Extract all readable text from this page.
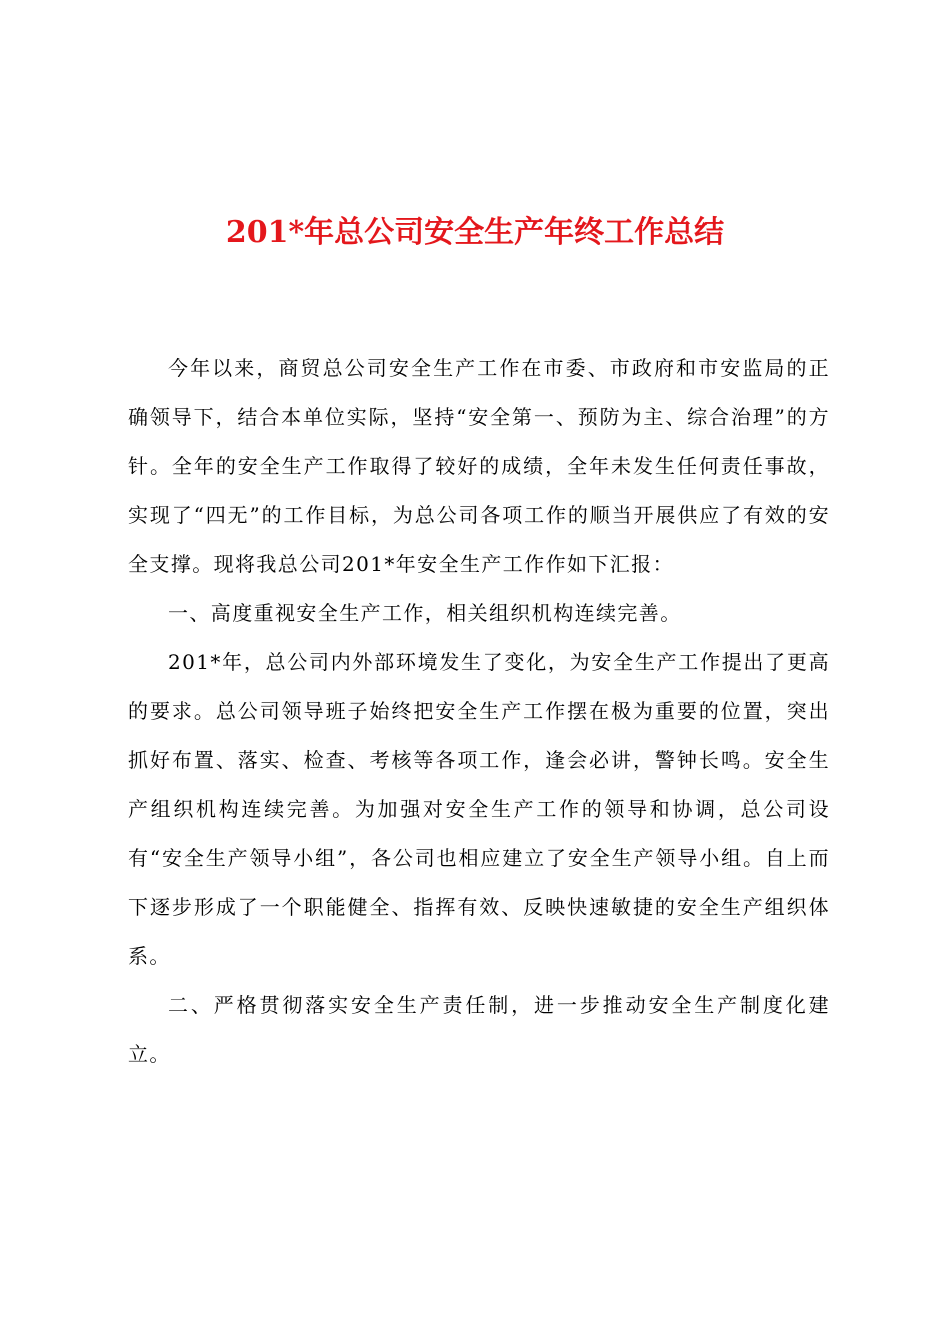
201*年总公司安全生产年终工作总结

今年以来，商贸总公司安全生产工作在市委、市政府和市安监局的正确领导下，结合本单位实际，坚持“安全第一、预防为主、综合治理”的方针。全年的安全生产工作取得了较好的成绩，全年未发生任何责任事故，实现了“四无”的工作目标，为总公司各项工作的顺当开展供应了有效的安全支撑。现将我总公司201*年安全生产工作作如下汇报：

一、高度重视安全生产工作，相关组织机构连续完善。

201*年，总公司内外部环境发生了变化，为安全生产工作提出了更高的要求。总公司领导班子始终把安全生产工作摆在极为重要的位置，突出抓好布置、落实、检查、考核等各项工作，逢会必讲，警钟长鸣。安全生产组织机构连续完善。为加强对安全生产工作的领导和协调，总公司设有“安全生产领导小组”，各公司也相应建立了安全生产领导小组。自上而下逐步形成了一个职能健全、指挥有效、反映快速敏捷的安全生产组织体系。

二、严格贯彻落实安全生产责任制，进一步推动安全生产制度化建立。
